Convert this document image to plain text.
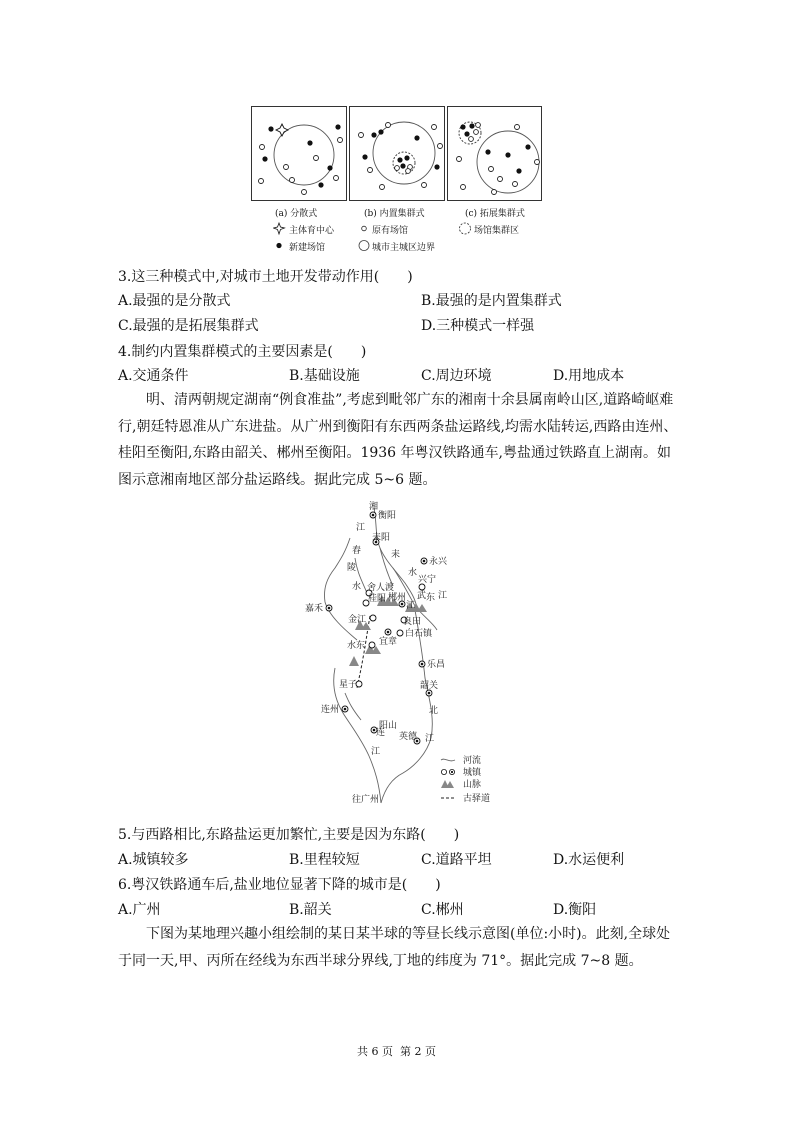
(a) 分散式	(b) 内置集群式	(c) 拓展集群式
主体育中心	原有场馆	场馆集群区
新建场馆	城市主城区边界
3.这三种模式中,对城市土地开发带动作用(　　)
A.最强的是分散式	B.最强的是内置集群式
C.最强的是拓展集群式	D.三种模式一样强
4.制约内置集群模式的主要因素是(　　)
A.交通条件	B.基础设施	C.周边环境	D.用地成本
明、清两朝规定湖南“例食准盐”,考虑到毗邻广东的湘南十余县属南岭山区,道路崎岖难行,朝廷特恩准从广东进盐。从广州到衡阳有东西两条盐运路线,均需水陆转运,西路由连州、桂阳至衡阳,东路由韶关、郴州至衡阳。1936 年粤汉铁路通车,粤盐通过铁路直上湖南。如图示意湘南地区部分盐运路线。据此完成 5~6 题。
衡阳
耒阳
永兴
兴宁
嘉禾
舍人渡
桂阳 郴州
金江	良田
宜章
白石镇
水东
乐昌
星子	韶关
连州
阳山
英德
往广州
湘
江
舂
陵
水
耒
水
东 江
江
武
北
江
连
江
河流
城镇
山脉
古驿道
5.与西路相比,东路盐运更加繁忙,主要是因为东路(　　)
A.城镇较多	B.里程较短	C.道路平坦	D.水运便利
6.粤汉铁路通车后,盐业地位显著下降的城市是(　　)
A.广州	B.韶关	C.郴州	D.衡阳
下图为某地理兴趣小组绘制的某日某半球的等昼长线示意图(单位:小时)。此刻,全球处于同一天,甲、丙所在经线为东西半球分界线,丁地的纬度为 71°。据此完成 7~8 题。
共 6 页  第 2 页
